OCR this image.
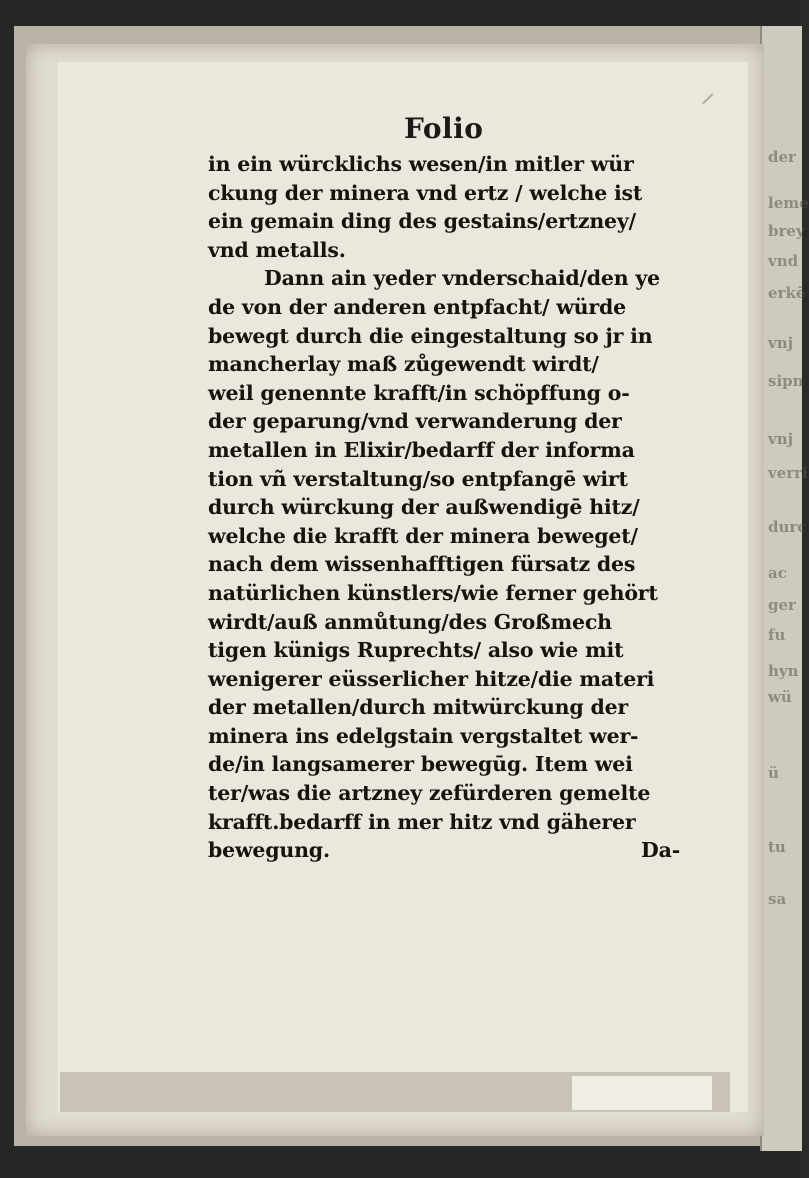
der
leme
brey
vnd
erkē
vnj
sipn
vnj
verri
durc
ac
ger
fu
hyn
wü
ü
tu
sa
Folio
in ein würcklichs wesen/in mitler wür
ckung der minera vnd ertz / welche ist
ein gemain ding des gestains/ertzney/
vnd metalls.
Dann ain yeder vnderschaid/den ye
de von der anderen entpfacht/ würde
bewegt durch die eingestaltung so jr in
mancherlay maß zůgewendt wirdt/
weil genennte krafft/in schöpffung o-
der geparung/vnd verwanderung der
metallen in Elixir/bedarff der informa
tion vñ verstaltung/so entpfangē wirt
durch würckung der außwendigē hitz/
welche die krafft der minera beweget/
nach dem wissenhafftigen fürsatz des
natürlichen künstlers/wie ferner gehört
wirdt/auß anmůtung/des Großmech
tigen künigs Ruprechts/ also wie mit
wenigerer eüsserlicher hitze/die materi
der metallen/durch mitwürckung der
minera ins edelgstain vergstaltet wer-
de/in langsamerer bewegūg. Item wei
ter/was die artzney zefürderen gemelte
krafft.bedarff in mer hitz vnd gäherer
bewegung.	Da-
